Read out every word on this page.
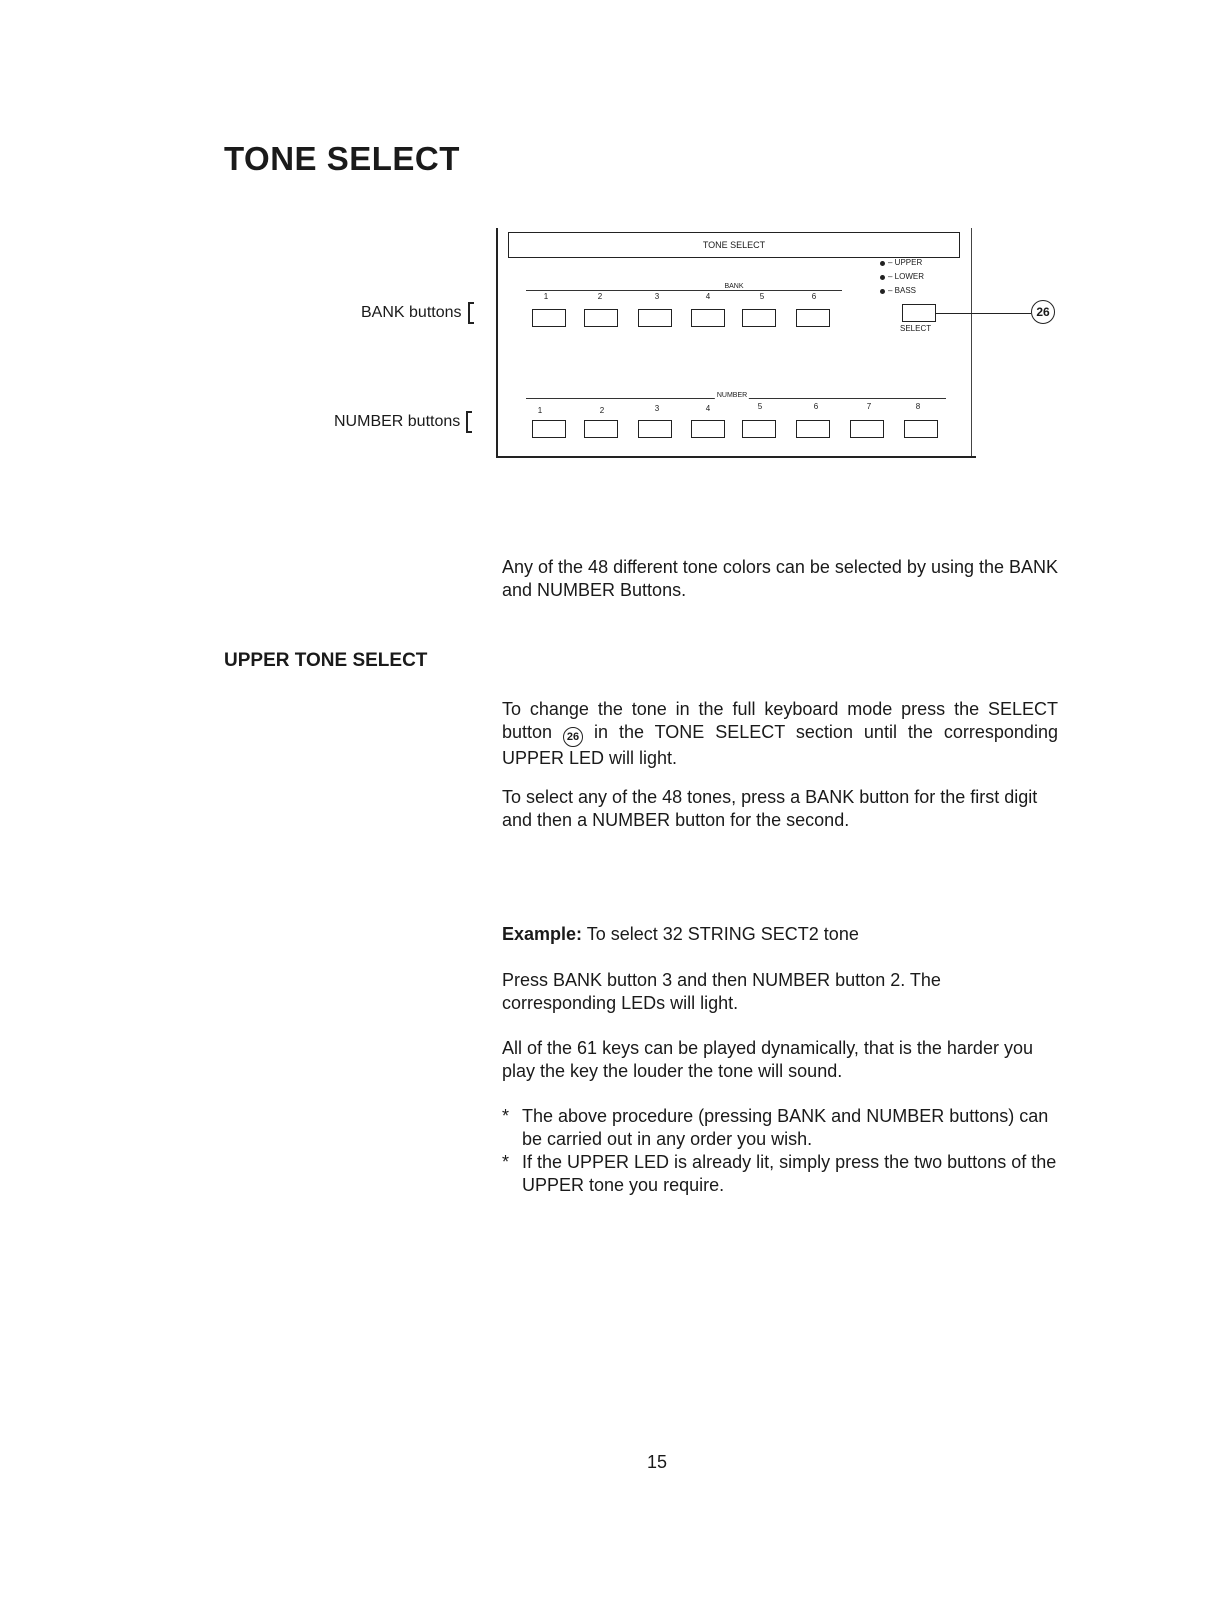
TONE SELECT
BANK buttons
NUMBER buttons
TONE SELECT
– UPPER
– LOWER
– BASS
BANK
1	2	3	4	5	6
SELECT
26
NUMBER
1	2	3	4	5	6	7	8

Any of the 48 different tone colors can be selected by using the BANK and NUMBER Buttons.

UPPER TONE SELECT

To change the tone in the full keyboard mode press the SELECT button 26 in the TONE SELECT section until the corresponding UPPER LED will light.

To select any of the 48 tones, press a BANK button for the first digit and then a NUMBER button for the second.

Example: To select 32 STRING SECT2 tone

Press BANK button 3 and then NUMBER button 2. The corresponding LEDs will light.

All of the 61 keys can be played dynamically, that is the harder you play the key the louder the tone will sound.

* The above procedure (pressing BANK and NUMBER buttons) can be carried out in any order you wish.
* If the UPPER LED is already lit, simply press the two buttons of the UPPER tone you require.
15
